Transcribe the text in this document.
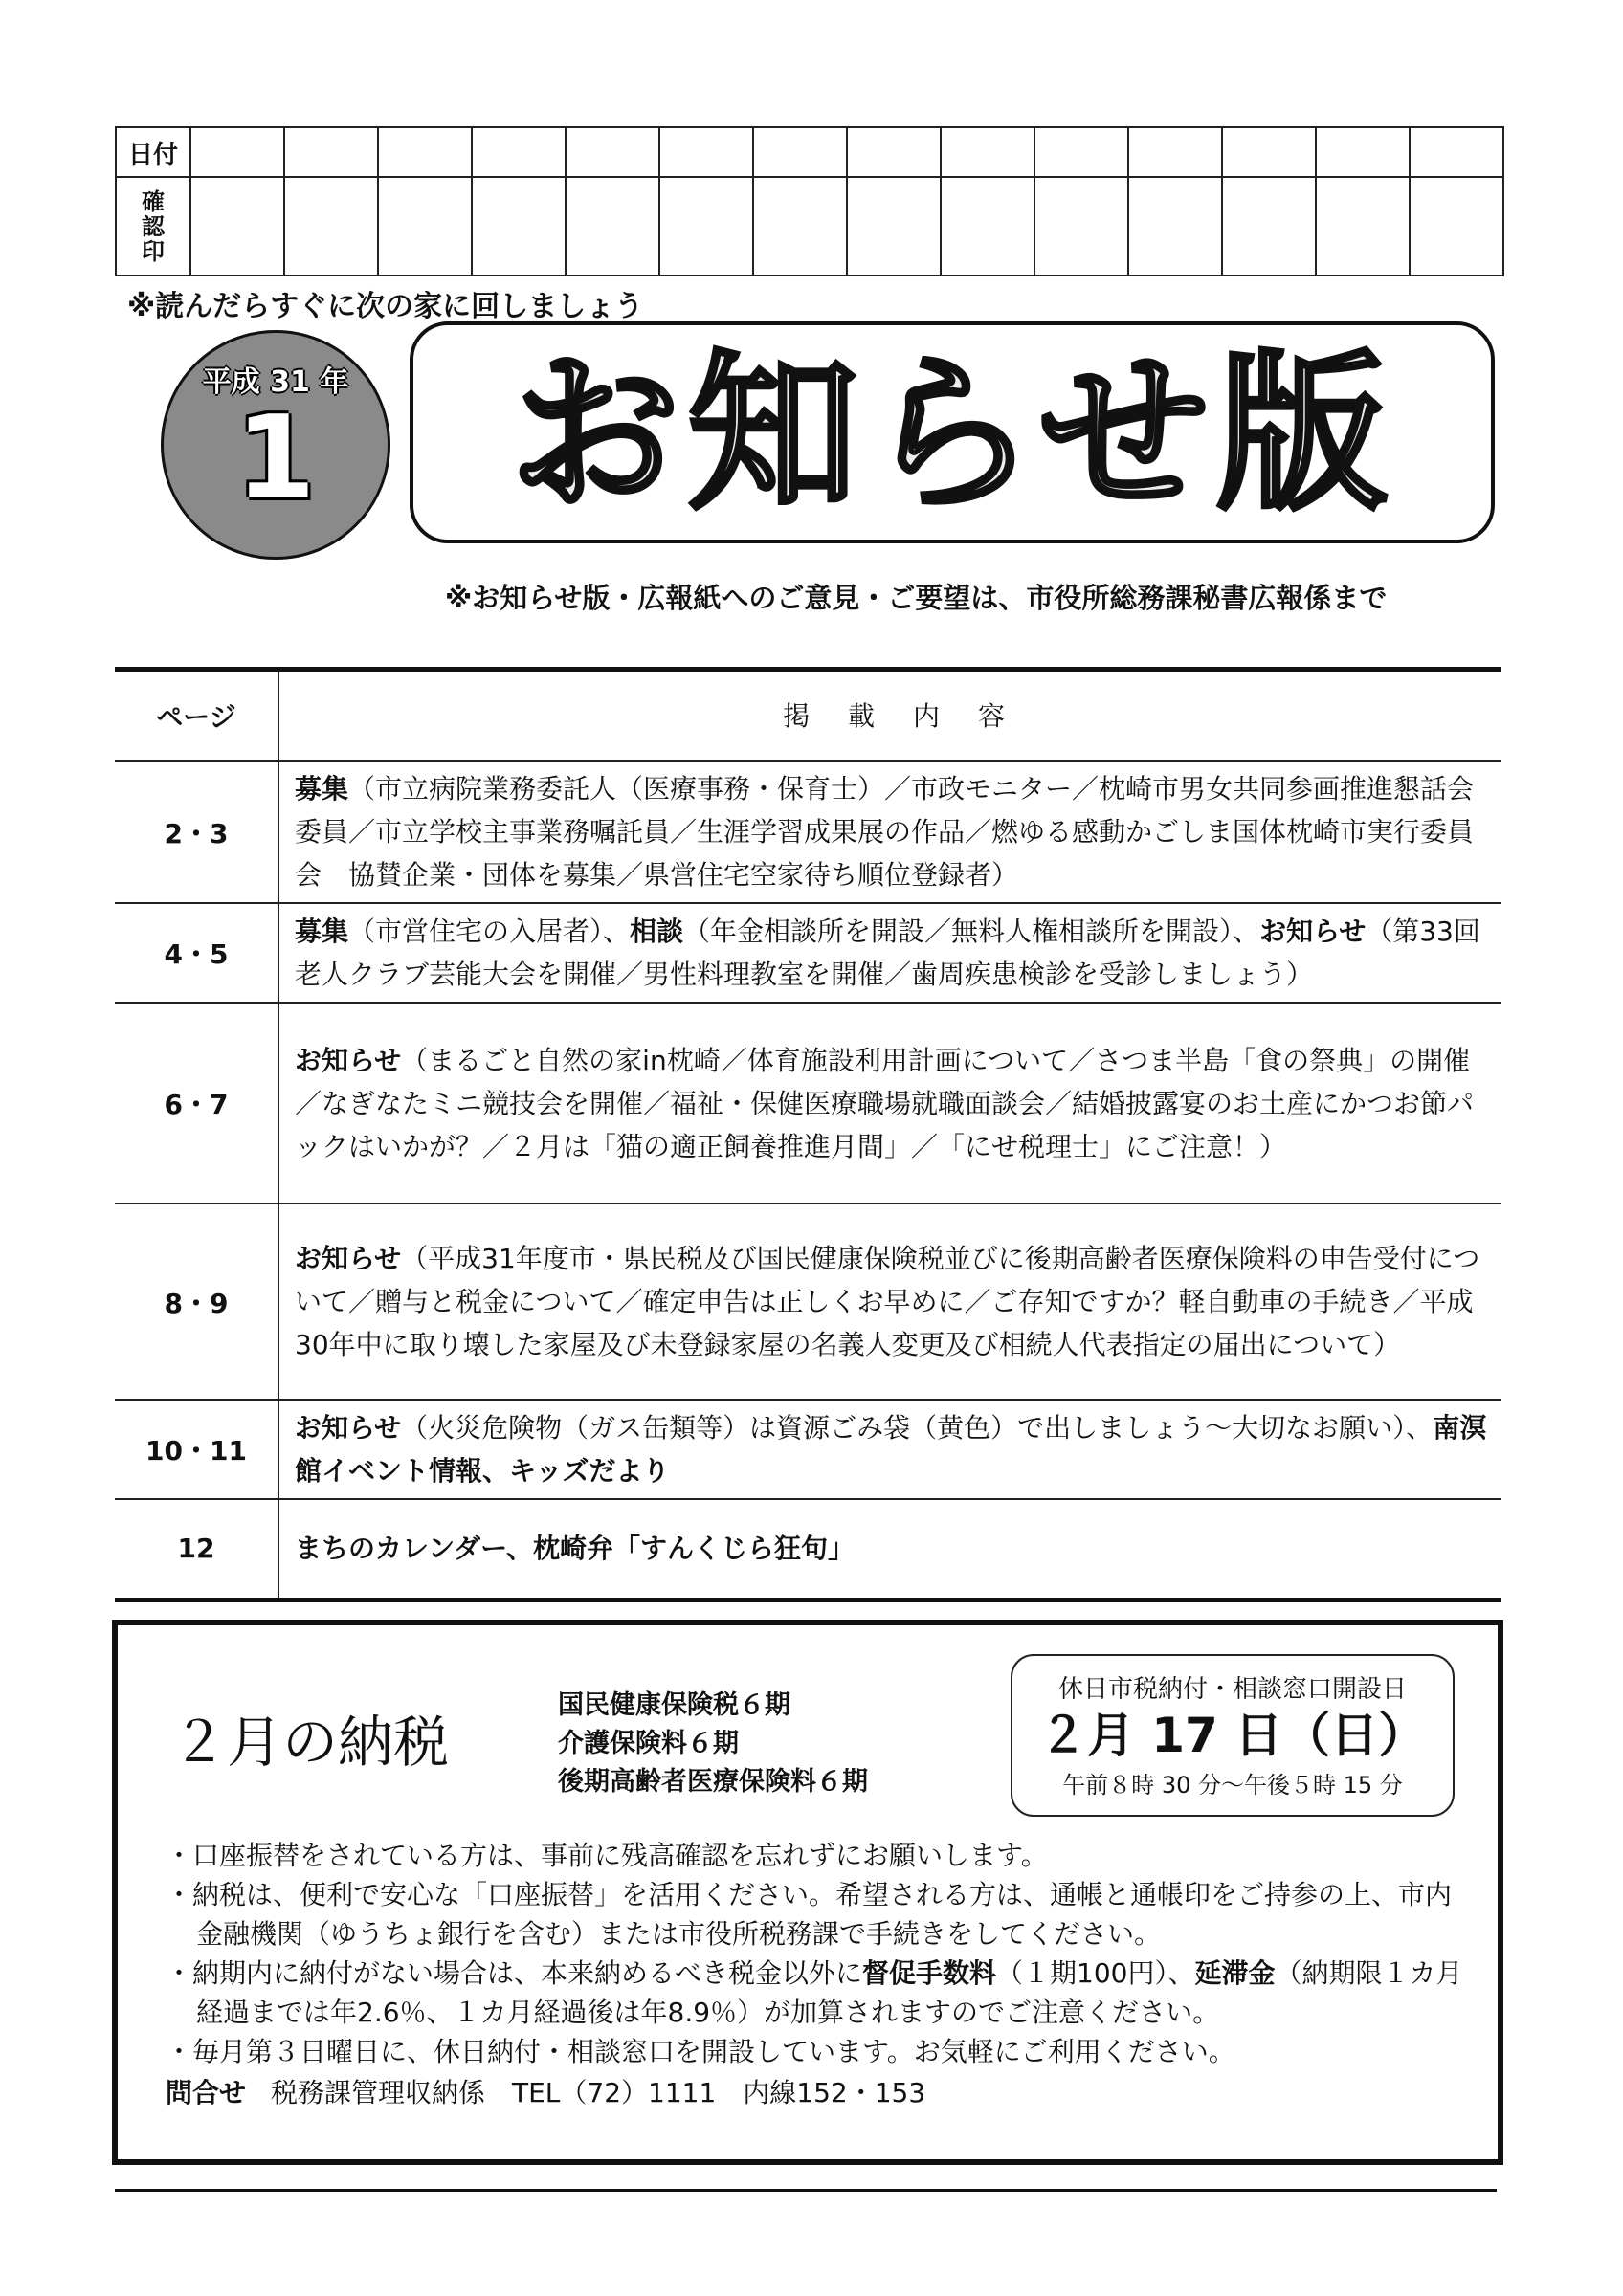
日付														

確
認
印														

※読んだらすぐに次の家に回しましょう
平成 31 年
1	お知らせ版
※お知らせ版・広報紙へのご意見・ご要望は、市役所総務課秘書広報係まで
ページ	掲載内容
2・3	募集（市立病院業務委託人（医療事務・保育士）／市政モニター／枕崎市男女共同参画推進懇話会委員／市立学校主事業務嘱託員／生涯学習成果展の作品／燃ゆる感動かごしま国体枕崎市実行委員会　協賛企業・団体を募集／県営住宅空家待ち順位登録者）
4・5	募集（市営住宅の入居者）、相談（年金相談所を開設／無料人権相談所を開設）、お知らせ（第33回老人クラブ芸能大会を開催／男性料理教室を開催／歯周疾患検診を受診しましょう）
6・7	お知らせ（まるごと自然の家in枕崎／体育施設利用計画について／さつま半島「食の祭典」の開催／なぎなたミニ競技会を開催／福祉・保健医療職場就職面談会／結婚披露宴のお土産にかつお節パックはいかが？／２月は「猫の適正飼養推進月間」／「にせ税理士」にご注意！）
8・9	お知らせ（平成31年度市・県民税及び国民健康保険税並びに後期高齢者医療保険料の申告受付について／贈与と税金について／確定申告は正しくお早めに／ご存知ですか？軽自動車の手続き／平成30年中に取り壊した家屋及び未登録家屋の名義人変更及び相続人代表指定の届出について）
10・11	お知らせ（火災危険物（ガス缶類等）は資源ごみ袋（黄色）で出しましょう～大切なお願い）、南溟館イベント情報、キッズだより
12	まちのカレンダー、枕崎弁「すんくじら狂句」
２月の納税
国民健康保険税６期
介護保険料６期
後期高齢者医療保険料６期
休日市税納付・相談窓口開設日
２月 17 日（日）
午前８時 30 分～午後５時 15 分
・口座振替をされている方は、事前に残高確認を忘れずにお願いします。
・納税は、便利で安心な「口座振替」を活用ください。希望される方は、通帳と通帳印をご持参の上、市内金融機関（ゆうちょ銀行を含む）または市役所税務課で手続きをしてください。
・納期内に納付がない場合は、本来納めるべき税金以外に督促手数料（１期100円）、延滞金（納期限１カ月経過までは年2.6％、１カ月経過後は年8.9％）が加算されますのでご注意ください。
・毎月第３日曜日に、休日納付・相談窓口を開設しています。お気軽にご利用ください。
問合せ 税務課管理収納係　TEL（72）1111　内線152・153
